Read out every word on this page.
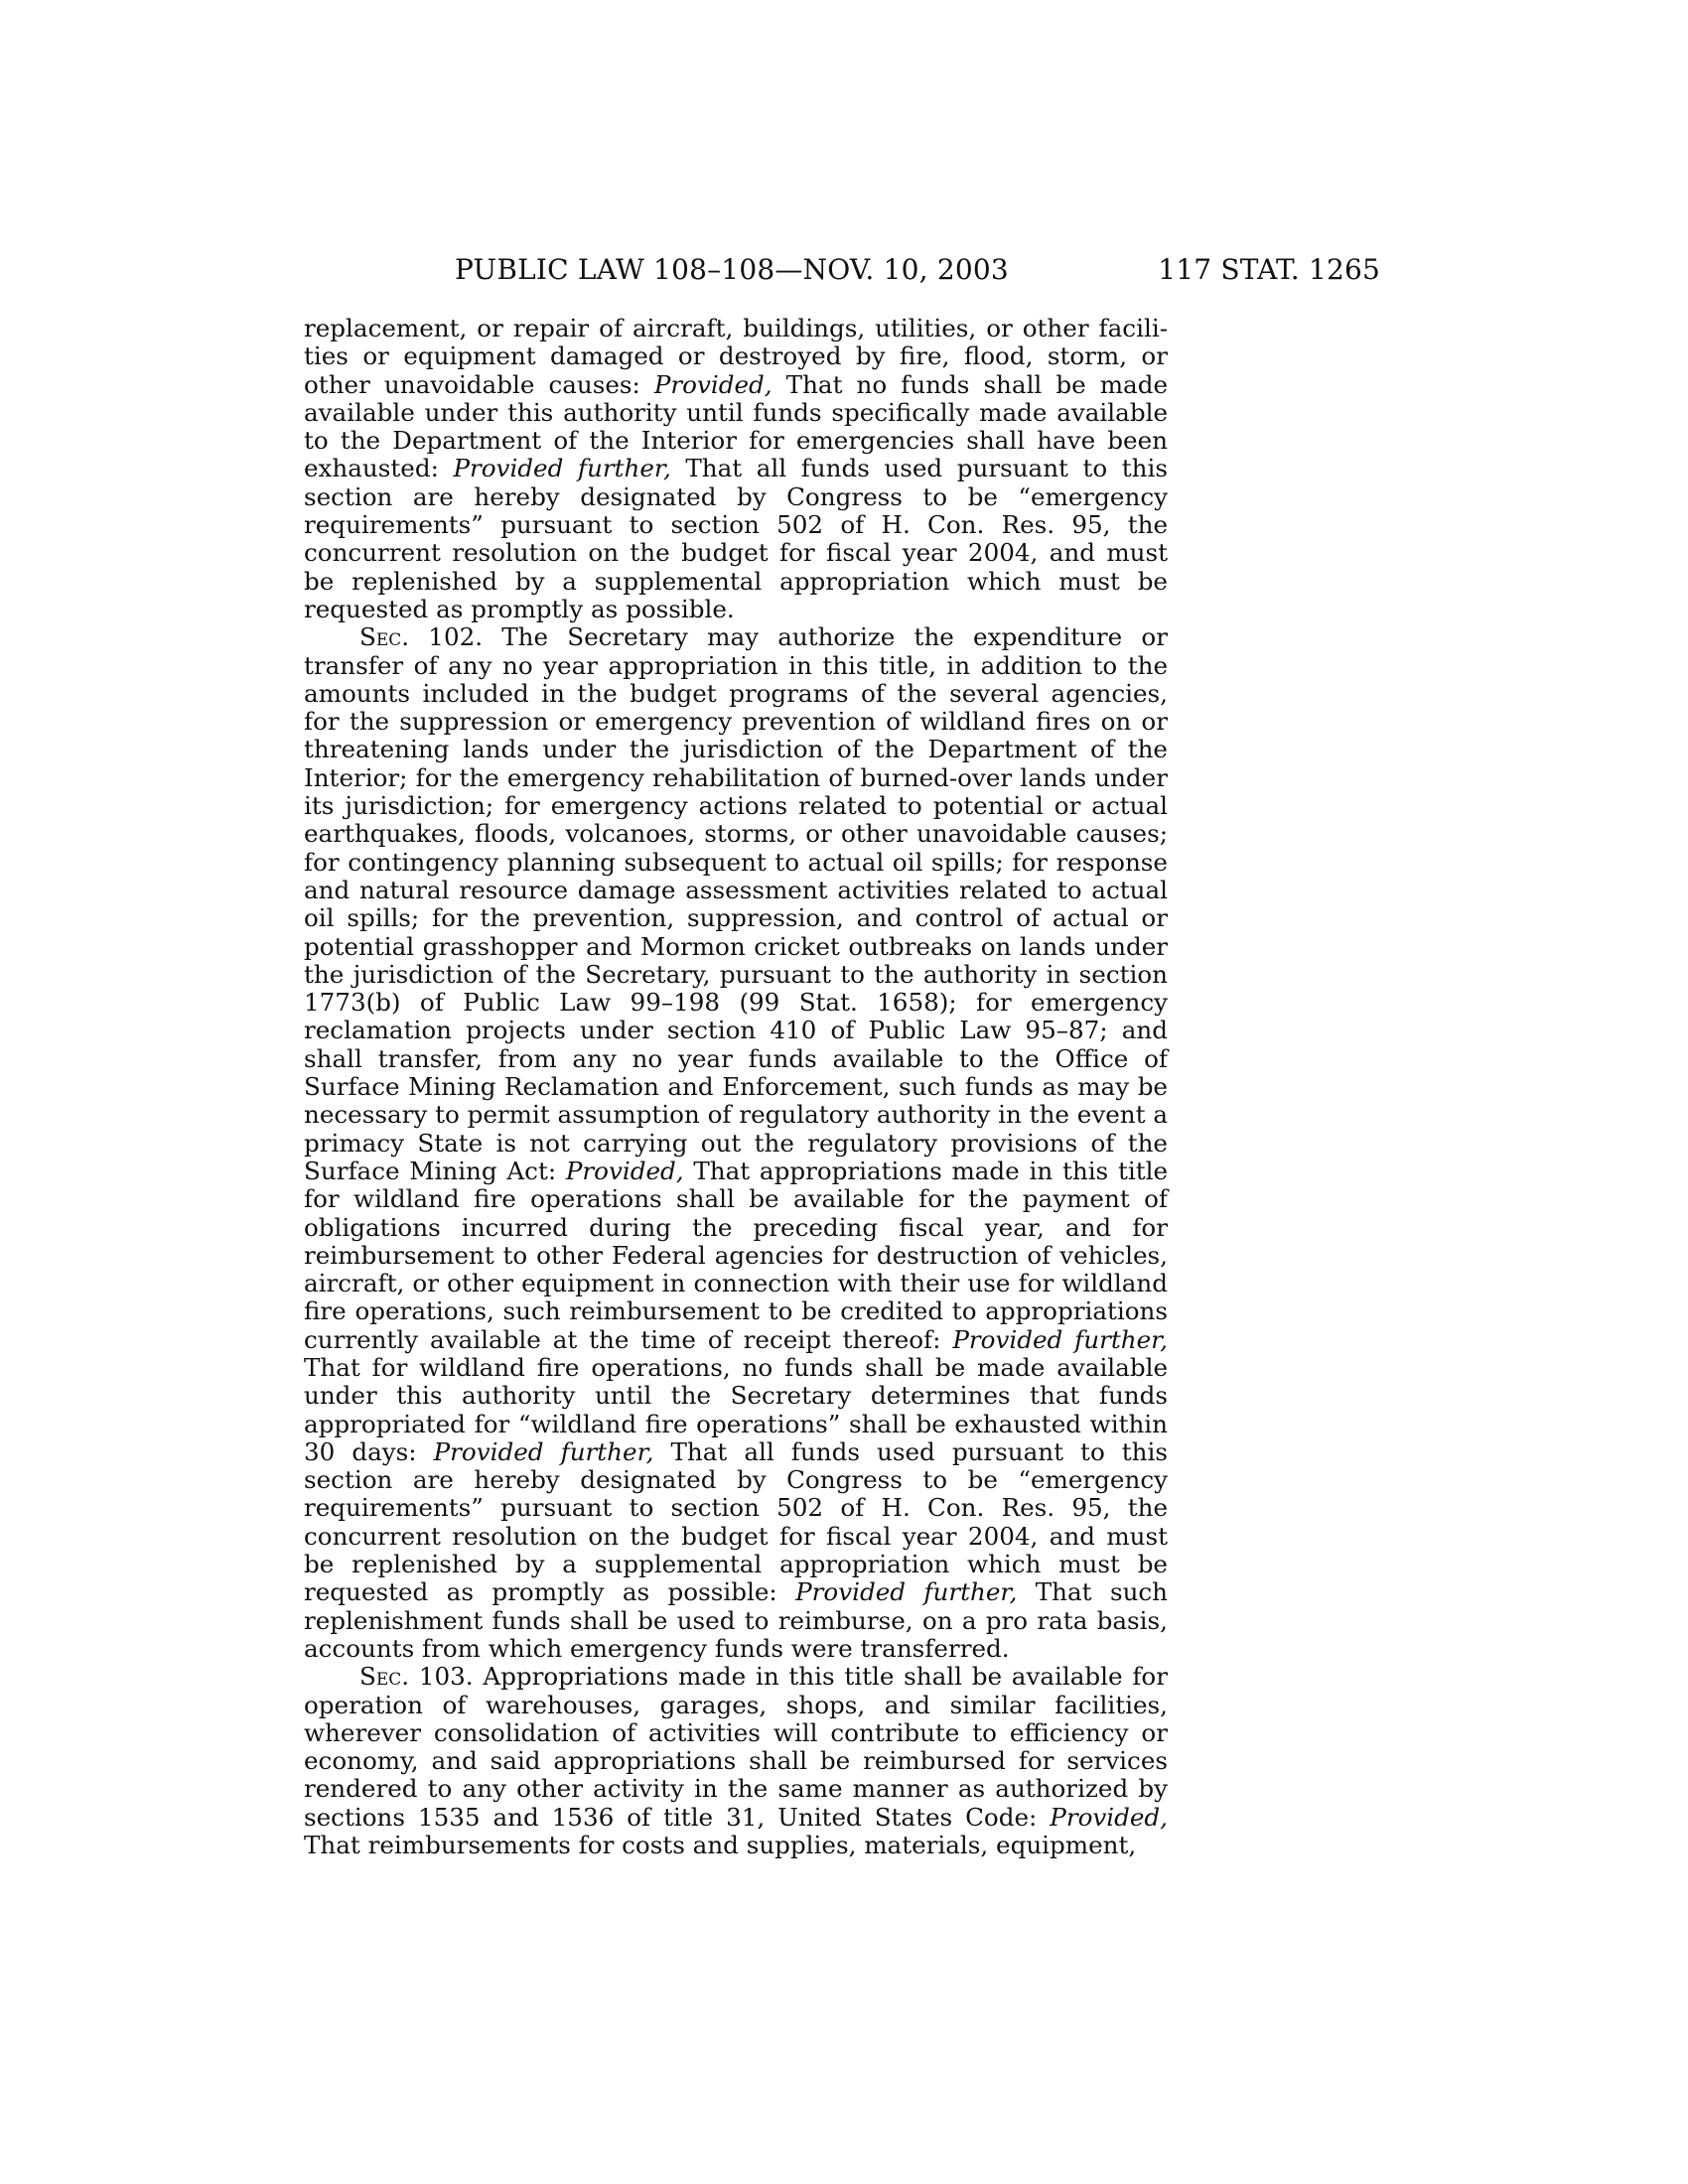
PUBLIC LAW 108–108—NOV. 10, 2003	117 STAT. 1265

replacement, or repair of aircraft, buildings, utilities, or other facilities or equipment damaged or destroyed by fire, flood, storm, or other unavoidable causes: Provided, That no funds shall be made available under this authority until funds specifically made available to the Department of the Interior for emergencies shall have been exhausted: Provided further, That all funds used pursuant to this section are hereby designated by Congress to be “emergency requirements” pursuant to section 502 of H. Con. Res. 95, the concurrent resolution on the budget for fiscal year 2004, and must be replenished by a supplemental appropriation which must be requested as promptly as possible.

Sec. 102. The Secretary may authorize the expenditure or transfer of any no year appropriation in this title, in addition to the amounts included in the budget programs of the several agencies, for the suppression or emergency prevention of wildland fires on or threatening lands under the jurisdiction of the Department of the Interior; for the emergency rehabilitation of burned-over lands under its jurisdiction; for emergency actions related to potential or actual earthquakes, floods, volcanoes, storms, or other unavoidable causes; for contingency planning subsequent to actual oil spills; for response and natural resource damage assessment activities related to actual oil spills; for the prevention, suppression, and control of actual or potential grasshopper and Mormon cricket outbreaks on lands under the jurisdiction of the Secretary, pursuant to the authority in section 1773(b) of Public Law 99–198 (99 Stat. 1658); for emergency reclamation projects under section 410 of Public Law 95–87; and shall transfer, from any no year funds available to the Office of Surface Mining Reclamation and Enforcement, such funds as may be necessary to permit assumption of regulatory authority in the event a primacy State is not carrying out the regulatory provisions of the Surface Mining Act: Provided, That appropriations made in this title for wildland fire operations shall be available for the payment of obligations incurred during the preceding fiscal year, and for reimbursement to other Federal agencies for destruction of vehicles, aircraft, or other equipment in connection with their use for wildland fire operations, such reimbursement to be credited to appropriations currently available at the time of receipt thereof: Provided further, That for wildland fire operations, no funds shall be made available under this authority until the Secretary determines that funds appropriated for “wildland fire operations” shall be exhausted within 30 days: Provided further, That all funds used pursuant to this section are hereby designated by Congress to be “emergency requirements” pursuant to section 502 of H. Con. Res. 95, the concurrent resolution on the budget for fiscal year 2004, and must be replenished by a supplemental appropriation which must be requested as promptly as possible: Provided further, That such replenishment funds shall be used to reimburse, on a pro rata basis, accounts from which emergency funds were transferred.

Sec. 103. Appropriations made in this title shall be available for operation of warehouses, garages, shops, and similar facilities, wherever consolidation of activities will contribute to efficiency or economy, and said appropriations shall be reimbursed for services rendered to any other activity in the same manner as authorized by sections 1535 and 1536 of title 31, United States Code: Provided, That reimbursements for costs and supplies, materials, equipment,
